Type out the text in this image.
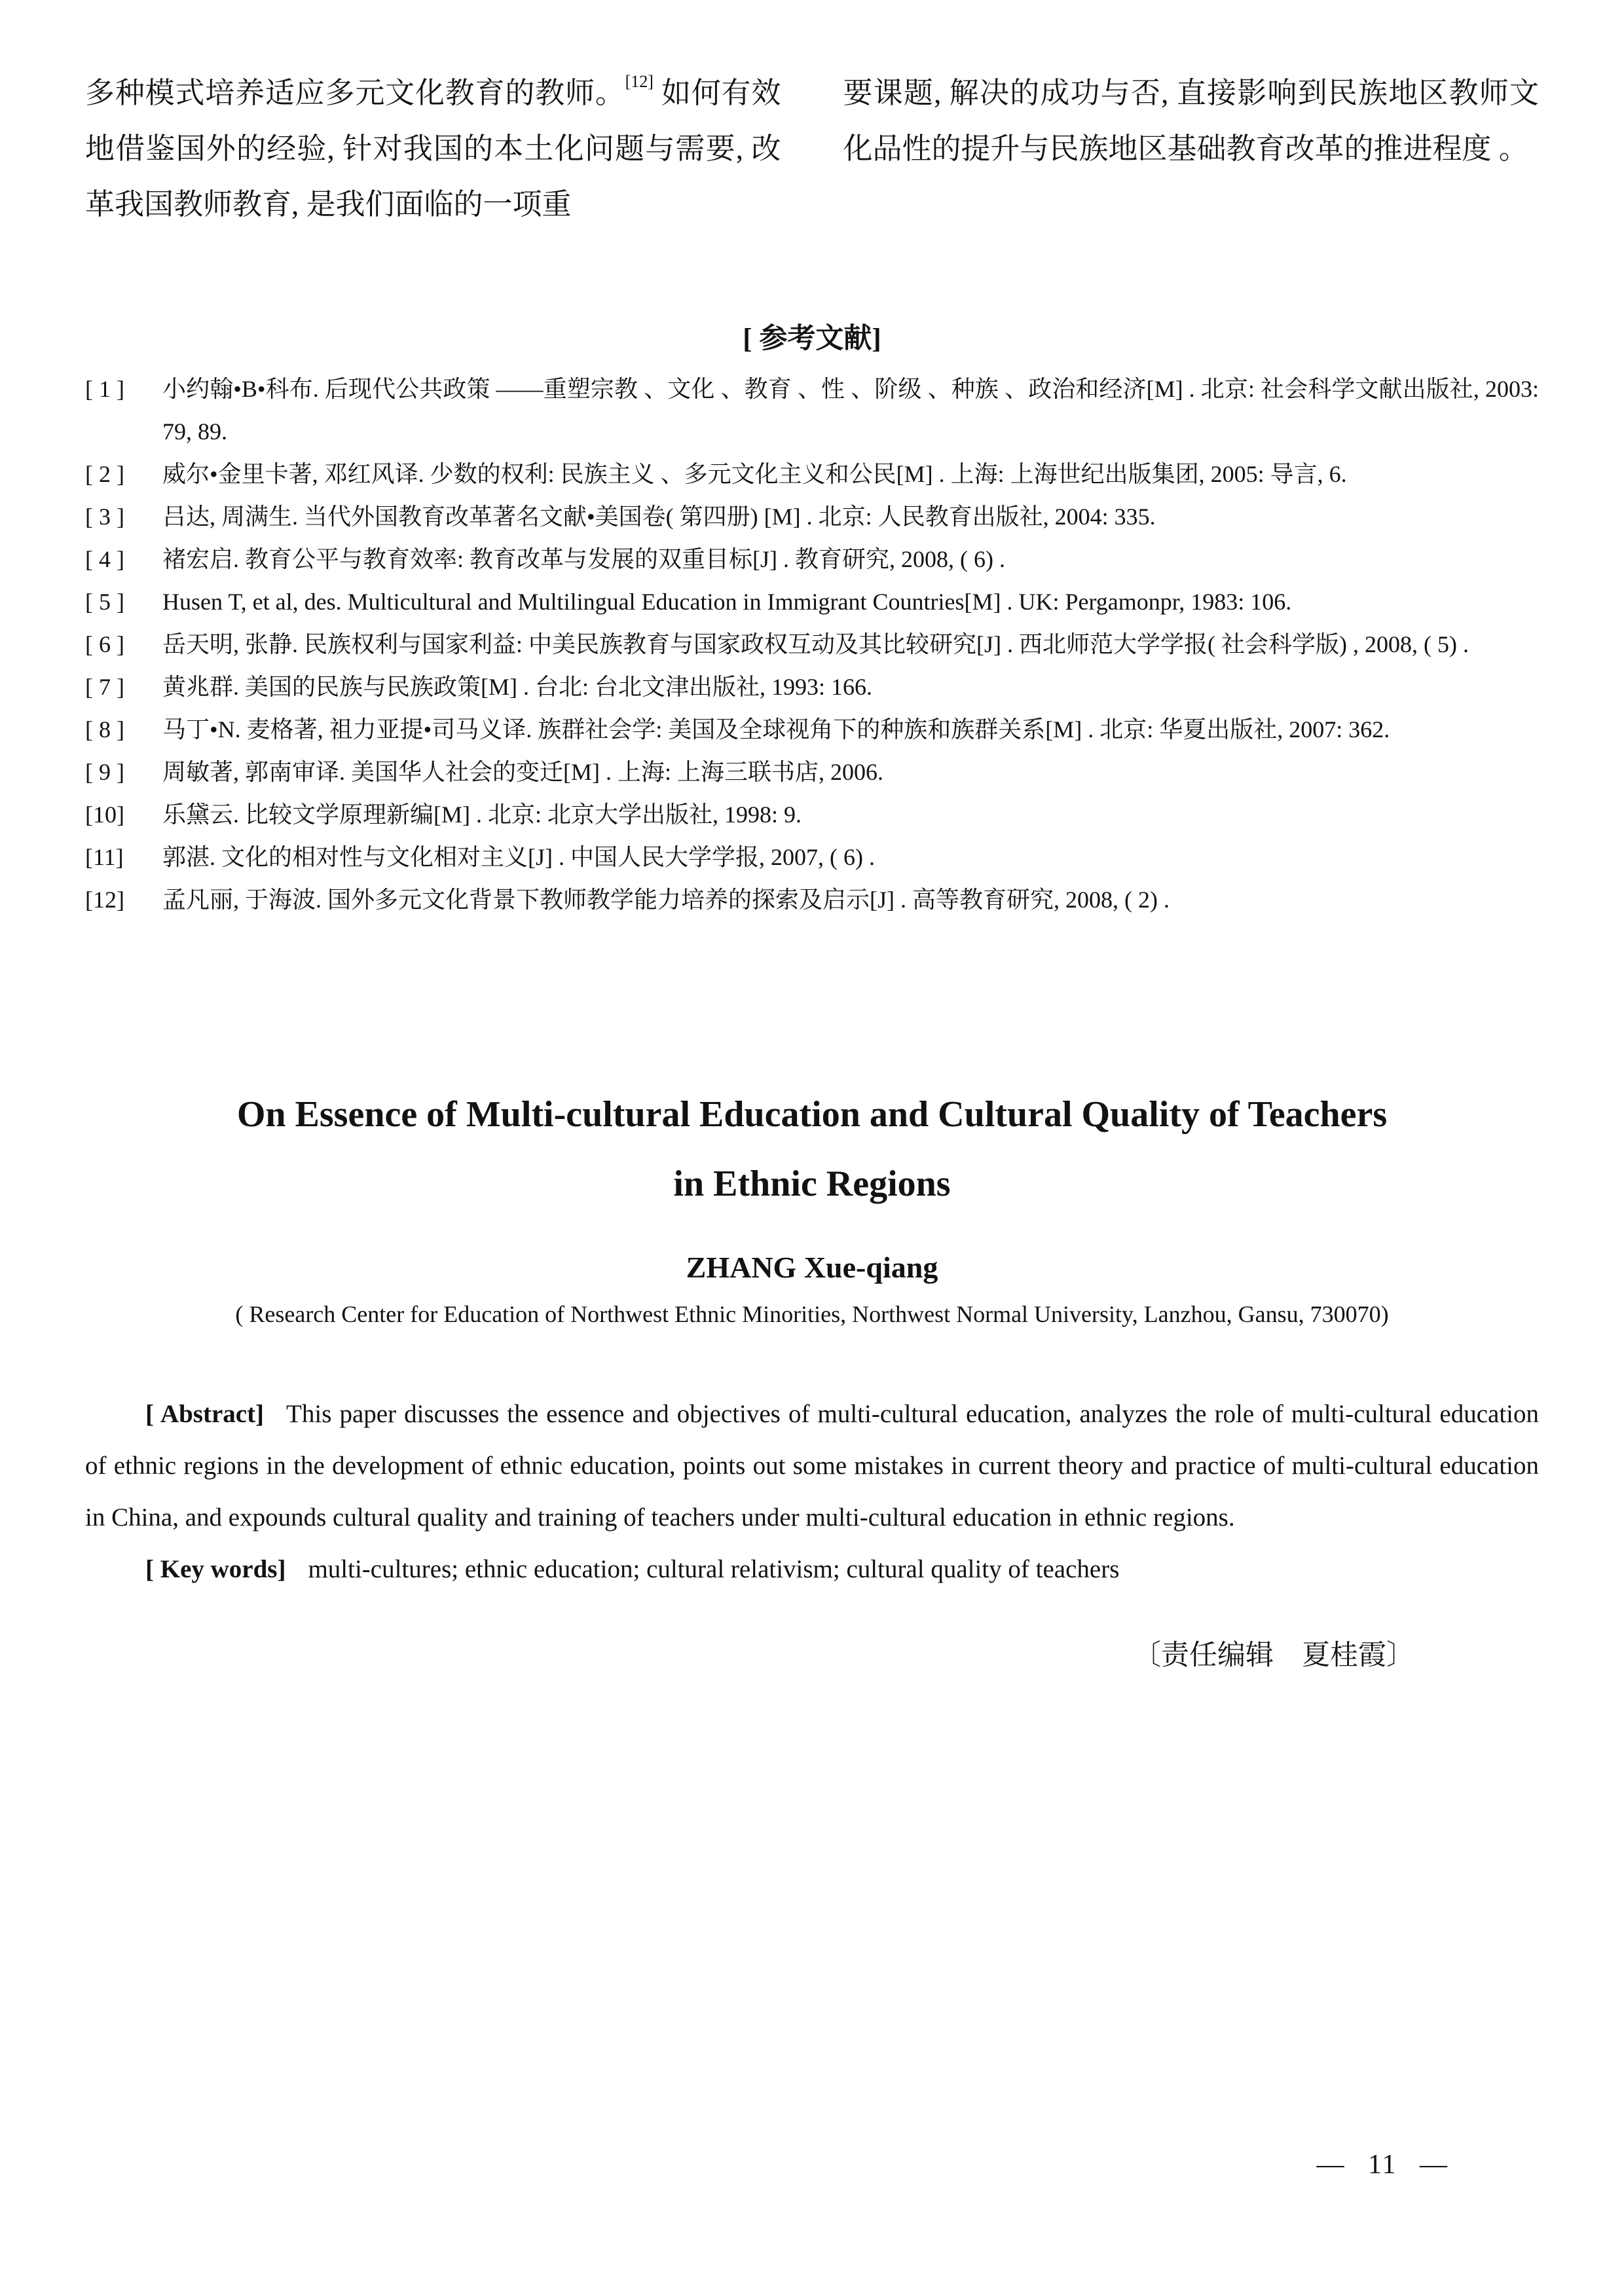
多种模式培养适应多元文化教育的教师。[12] 如何有效地借鉴国外的经验, 针对我国的本土化问题与需要, 改革我国教师教育, 是我们面临的一项重

要课题, 解决的成功与否, 直接影响到民族地区教师文化品性的提升与民族地区基础教育改革的推进程度 。

[ 参考文献]
[ 1 ]	小约翰•B•科布. 后现代公共政策 ——重塑宗教 、文化 、教育 、性 、阶级 、种族 、政治和经济[M] . 北京: 社会科学文献出版社, 2003: 79, 89.
[ 2 ]	威尔•金里卡著, 邓红风译. 少数的权利: 民族主义 、多元文化主义和公民[M] . 上海: 上海世纪出版集团, 2005: 导言, 6.
[ 3 ]	吕达, 周满生. 当代外国教育改革著名文献•美国卷( 第四册) [M] . 北京: 人民教育出版社, 2004: 335.
[ 4 ]	褚宏启. 教育公平与教育效率: 教育改革与发展的双重目标[J] . 教育研究, 2008, ( 6) .
[ 5 ]	Husen T, et al, des. Multicultural and Multilingual Education in Immigrant Countries[M] . UK: Pergamonpr, 1983: 106.
[ 6 ]	岳天明, 张静. 民族权利与国家利益: 中美民族教育与国家政权互动及其比较研究[J] . 西北师范大学学报( 社会科学版) , 2008, ( 5) .
[ 7 ]	黄兆群. 美国的民族与民族政策[M] . 台北: 台北文津出版社, 1993: 166.
[ 8 ]	马丁•N. 麦格著, 祖力亚提•司马义译. 族群社会学: 美国及全球视角下的种族和族群关系[M] . 北京: 华夏出版社, 2007: 362.
[ 9 ]	周敏著, 郭南审译. 美国华人社会的变迁[M] . 上海: 上海三联书店, 2006.
[10]	乐黛云. 比较文学原理新编[M] . 北京: 北京大学出版社, 1998: 9.
[11]	郭湛. 文化的相对性与文化相对主义[J] . 中国人民大学学报, 2007, ( 6) .
[12]	孟凡丽, 于海波. 国外多元文化背景下教师教学能力培养的探索及启示[J] . 高等教育研究, 2008, ( 2) .
On Essence of Multi-cultural Education and Cultural Quality of Teachers in Ethnic Regions
ZHANG Xue-qiang
( Research Center for Education of Northwest Ethnic Minorities, Northwest Normal University, Lanzhou, Gansu, 730070)

[ Abstract] This paper discusses the essence and objectives of multi-cultural education, analyzes the role of multi-cultural education of ethnic regions in the development of ethnic education, points out some mistakes in current theory and practice of multi-cultural education in China, and expounds cultural quality and training of teachers under multi-cultural education in ethnic regions.

[ Key words] multi-cultures; ethnic education; cultural relativism; cultural quality of teachers

〔责任编辑　夏桂霞〕
— 11 —
